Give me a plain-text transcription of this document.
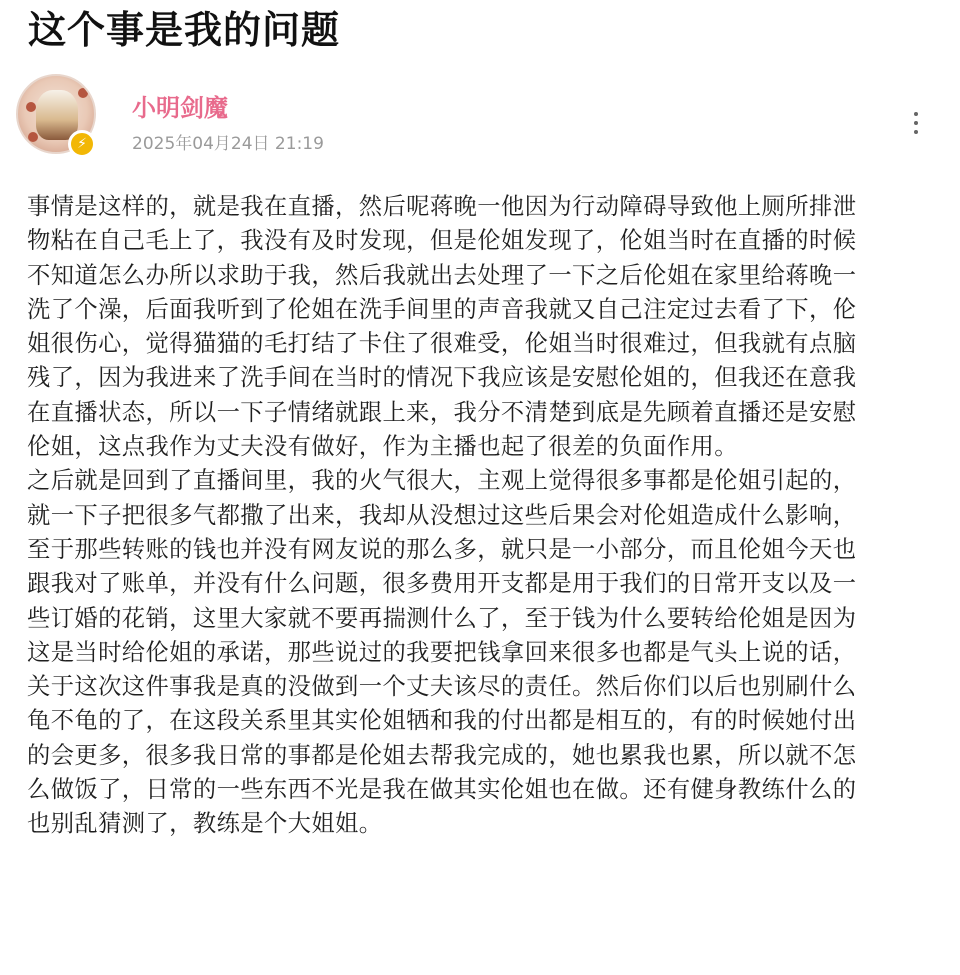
这个事是我的问题
⚡
小明剑魔
2025年04月24日 21:19
事情是这样的，就是我在直播，然后呢蒋晚一他因为行动障碍导致他上厕所排泄
物粘在自己毛上了，我没有及时发现，但是伦姐发现了，伦姐当时在直播的时候
不知道怎么办所以求助于我，然后我就出去处理了一下之后伦姐在家里给蒋晚一
洗了个澡，后面我听到了伦姐在洗手间里的声音我就又自己注定过去看了下，伦
姐很伤心，觉得猫猫的毛打结了卡住了很难受，伦姐当时很难过，但我就有点脑
残了，因为我进来了洗手间在当时的情况下我应该是安慰伦姐的，但我还在意我
在直播状态，所以一下子情绪就跟上来，我分不清楚到底是先顾着直播还是安慰
伦姐，这点我作为丈夫没有做好，作为主播也起了很差的负面作用。
之后就是回到了直播间里，我的火气很大，主观上觉得很多事都是伦姐引起的，
就一下子把很多气都撒了出来，我却从没想过这些后果会对伦姐造成什么影响，
至于那些转账的钱也并没有网友说的那么多，就只是一小部分，而且伦姐今天也
跟我对了账单，并没有什么问题，很多费用开支都是用于我们的日常开支以及一
些订婚的花销，这里大家就不要再揣测什么了，至于钱为什么要转给伦姐是因为
这是当时给伦姐的承诺，那些说过的我要把钱拿回来很多也都是气头上说的话，
关于这次这件事我是真的没做到一个丈夫该尽的责任。然后你们以后也别刷什么
龟不龟的了，在这段关系里其实伦姐牺和我的付出都是相互的，有的时候她付出
的会更多，很多我日常的事都是伦姐去帮我完成的，她也累我也累，所以就不怎
么做饭了，日常的一些东西不光是我在做其实伦姐也在做。还有健身教练什么的
也别乱猜测了，教练是个大姐姐。
